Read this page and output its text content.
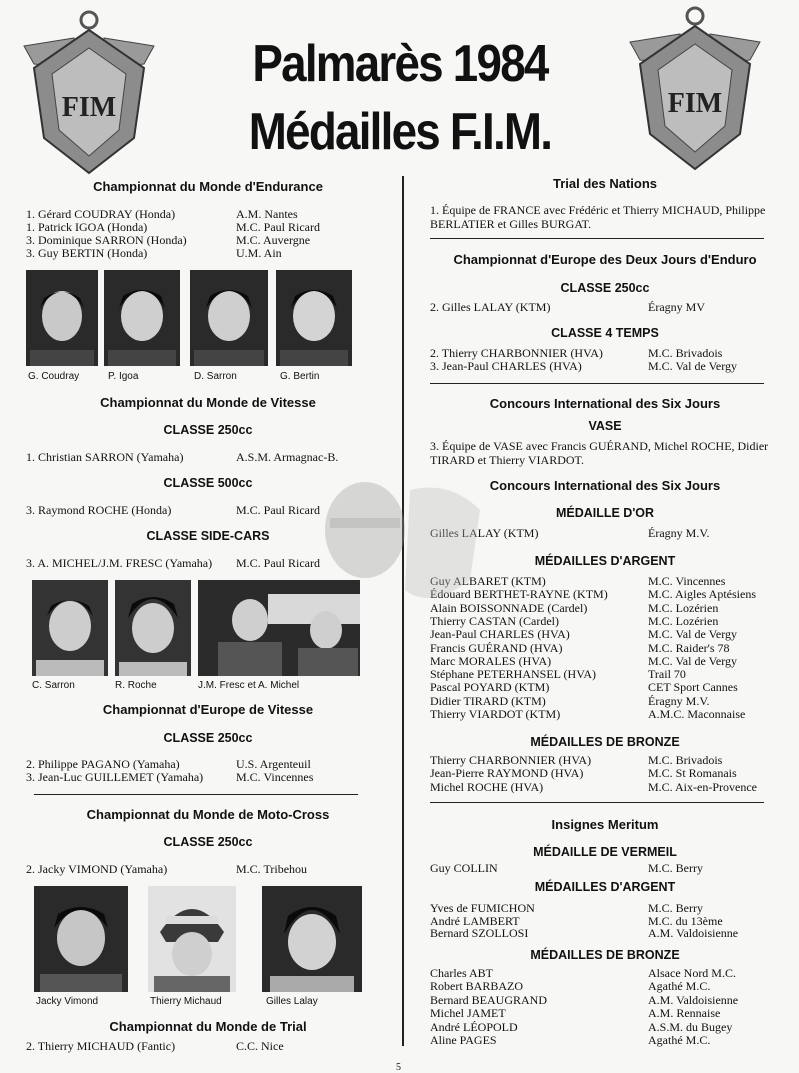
FIM	FIM
Palmarès 1984
Médailles F.I.M.
Championnat du Monde d'Endurance
1. Gérard COUDRAY (Honda)	A.M. Nantes
1. Patrick IGOA (Honda)	M.C. Paul Ricard
3. Dominique SARRON (Honda)	M.C. Auvergne
3. Guy BERTIN (Honda)	U.M. Ain
G. Coudray	P. Igoa	D. Sarron	G. Bertin
Championnat du Monde de Vitesse
CLASSE 250cc
1. Christian SARRON (Yamaha)	A.S.M. Armagnac-B.
CLASSE 500cc
3. Raymond ROCHE (Honda)	M.C. Paul Ricard
CLASSE SIDE-CARS
3. A. MICHEL/J.M. FRESC (Yamaha) M.C. Paul Ricard
C. Sarron	R. Roche	J.M. Fresc et A. Michel
Championnat d'Europe de Vitesse
CLASSE 250cc
2. Philippe PAGANO (Yamaha)	U.S. Argenteuil
3. Jean-Luc GUILLEMET (Yamaha)	M.C. Vincennes
Championnat du Monde de Moto-Cross
CLASSE 250cc
2. Jacky VIMOND (Yamaha)	M.C. Tribehou
Jacky Vimond	Thierry Michaud	Gilles Lalay
Championnat du Monde de Trial
2. Thierry MICHAUD (Fantic)	C.C. Nice
Trial des Nations
1. Équipe de FRANCE avec Frédéric et Thierry MICHAUD, Philippe BERLATIER et Gilles BURGAT.
Championnat d'Europe des Deux Jours d'Enduro
CLASSE 250cc
2. Gilles LALAY (KTM)	Éragny MV
CLASSE 4 TEMPS
2. Thierry CHARBONNIER (HVA)	M.C. Brivadois
3. Jean-Paul CHARLES (HVA)	M.C. Val de Vergy
Concours International des Six Jours
VASE
3. Équipe de VASE avec Francis GUÉRAND, Michel ROCHE, Didier TIRARD et Thierry VIARDOT.
Concours International des Six Jours
MÉDAILLE D'OR
Gilles LALAY (KTM)	Éragny M.V.
MÉDAILLES D'ARGENT
Guy ALBARET (KTM)	M.C. Vincennes
Édouard BERTHET-RAYNE (KTM)	M.C. Aigles Aptésiens
Alain BOISSONNADE (Cardel)	M.C. Lozérien
Thierry CASTAN (Cardel)	M.C. Lozérien
Jean-Paul CHARLES (HVA)	M.C. Val de Vergy
Francis GUÉRAND (HVA)	M.C. Raider's 78
Marc MORALES (HVA)	M.C. Val de Vergy
Stéphane PETERHANSEL (HVA)	Trail 70
Pascal POYARD (KTM)	CET Sport Cannes
Didier TIRARD (KTM)	Éragny M.V.
Thierry VIARDOT (KTM)	A.M.C. Maconnaise
MÉDAILLES DE BRONZE
Thierry CHARBONNIER (HVA)	M.C. Brivadois
Jean-Pierre RAYMOND (HVA)	M.C. St Romanais
Michel ROCHE (HVA)	M.C. Aix-en-Provence
Insignes Meritum
MÉDAILLE DE VERMEIL
Guy COLLIN	M.C. Berry
MÉDAILLES D'ARGENT
Yves de FUMICHON	M.C. Berry
André LAMBERT	M.C. du 13ème
Bernard SZOLLOSI	A.M. Valdoisienne
MÉDAILLES DE BRONZE
Charles ABT	Alsace Nord M.C.
Robert BARBAZO	Agathé M.C.
Bernard BEAUGRAND	A.M. Valdoisienne
Michel JAMET	A.M. Rennaise
André LÉOPOLD	A.S.M. du Bugey
Aline PAGES	Agathé M.C.
5
